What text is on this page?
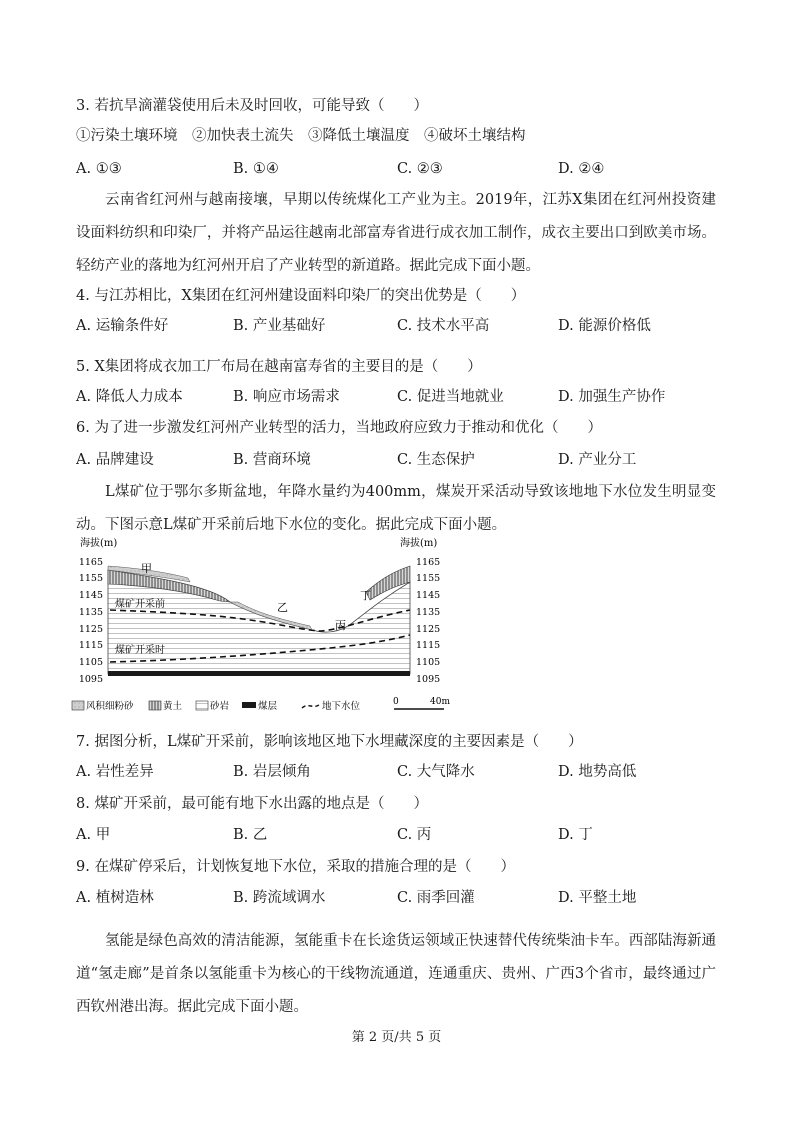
3. 若抗旱滴灌袋使用后未及时回收，可能导致（　　）
①污染土壤环境　②加快表土流失　③降低土壤温度　④破坏土壤结构
A. ①③	B. ①④	C. ②③	D. ②④
云南省红河州与越南接壤，早期以传统煤化工产业为主。2019年，江苏X集团在红河州投资建设面料纺织和印染厂，并将产品运往越南北部富寿省进行成衣加工制作，成衣主要出口到欧美市场。轻纺产业的落地为红河州开启了产业转型的新道路。据此完成下面小题。
4. 与江苏相比，X集团在红河州建设面料印染厂的突出优势是（　　）
A. 运输条件好	B. 产业基础好	C. 技术水平高	D. 能源价格低
5. X集团将成衣加工厂布局在越南富寿省的主要目的是（　　）
A. 降低人力成本	B. 响应市场需求	C. 促进当地就业	D. 加强生产协作
6. 为了进一步激发红河州产业转型的活力，当地政府应致力于推动和优化（　　）
A. 品牌建设	B. 营商环境	C. 生态保护	D. 产业分工
L煤矿位于鄂尔多斯盆地，年降水量约为400mm，煤炭开采活动导致该地地下水位发生明显变动。下图示意L煤矿开采前后地下水位的变化。据此完成下面小题。
海拔(m)
1165
1155
1145
1135
1125
1115
1105
1095
海拔(m)
1165
1155
1145
1135
1125
1115
1105
1095
甲
乙
丙
丁
煤矿开采前
煤矿开采时
风积细粉砂	黄土	砂岩	煤层	地下水位	0	40m
7. 据图分析，L煤矿开采前，影响该地区地下水埋藏深度的主要因素是（　　）
A. 岩性差异	B. 岩层倾角	C. 大气降水	D. 地势高低
8. 煤矿开采前，最可能有地下水出露的地点是（　　）
A. 甲	B. 乙	C. 丙	D. 丁
9. 在煤矿停采后，计划恢复地下水位，采取的措施合理的是（　　）
A. 植树造林	B. 跨流域调水	C. 雨季回灌	D. 平整土地
氢能是绿色高效的清洁能源，氢能重卡在长途货运领域正快速替代传统柴油卡车。西部陆海新通道“氢走廊”是首条以氢能重卡为核心的干线物流通道，连通重庆、贵州、广西3个省市，最终通过广西钦州港出海。据此完成下面小题。
第 2 页/共 5 页
